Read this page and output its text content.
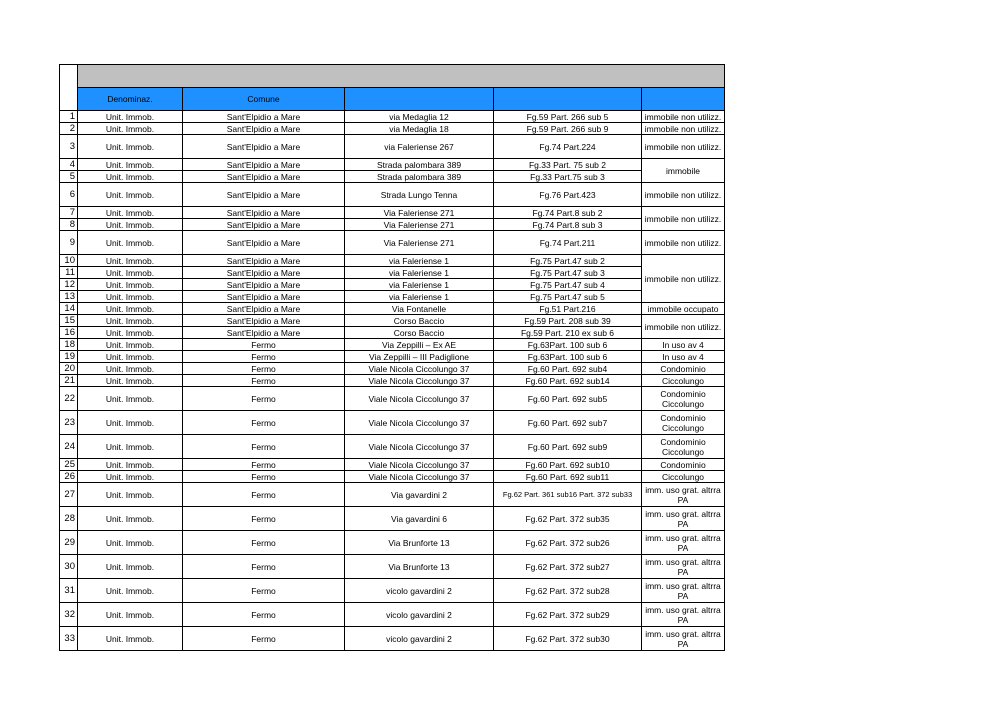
	Denominaz.	Comune			
1	Unit. Immob.	Sant'Elpidio a Mare	via Medaglia 12	Fg.59 Part. 266 sub 5	immobile non utilizz.
2	Unit. Immob.	Sant'Elpidio a Mare	via Medaglia 18	Fg.59 Part. 266 sub 9	immobile non utilizz.
3	Unit. Immob.	Sant'Elpidio a Mare	via Faleriense 267	Fg.74 Part.224	immobile non utilizz.
4	Unit. Immob.	Sant'Elpidio a Mare	Strada palombara 389	Fg.33 Part. 75 sub 2	immobile
5	Unit. Immob.	Sant'Elpidio a Mare	Strada palombara 389	Fg.33 Part.75 sub 3	
6	Unit. Immob.	Sant'Elpidio a Mare	Strada Lungo Tenna	Fg.76 Part.423	immobile non utilizz.
7	Unit. Immob.	Sant'Elpidio a Mare	Via Faleriense 271	Fg.74 Part.8 sub 2	immobile non utilizz.
8	Unit. Immob.	Sant'Elpidio a Mare	Via Faleriense 271	Fg.74 Part.8 sub 3	
9	Unit. Immob.	Sant'Elpidio a Mare	Via Faleriense 271	Fg.74 Part.211	immobile non utilizz.
10	Unit. Immob.	Sant'Elpidio a Mare	via Faleriense 1	Fg.75 Part.47 sub 2	immobile non utilizz.
11	Unit. Immob.	Sant'Elpidio a Mare	via Faleriense 1	Fg.75 Part.47 sub 3	
12	Unit. Immob.	Sant'Elpidio a Mare	via Faleriense 1	Fg.75 Part.47 sub 4	
13	Unit. Immob.	Sant'Elpidio a Mare	via Faleriense 1	Fg.75 Part.47 sub 5	
14	Unit. Immob.	Sant'Elpidio a Mare	Via Fontanelle	Fg.51 Part.216	immobile occupato
15	Unit. Immob.	Sant'Elpidio a Mare	Corso Baccio	Fg.59 Part. 208 sub 39	immobile non utilizz.
16	Unit. Immob.	Sant'Elpidio a Mare	Corso Baccio	Fg.59 Part. 210 ex sub 6	
18	Unit. Immob.	Fermo	Via Zeppilli – Ex AE	Fg.63Part. 100 sub 6	In uso av 4
19	Unit. Immob.	Fermo	Via Zeppilli – III Padiglione	Fg.63Part. 100 sub 6	In uso av 4
20	Unit. Immob.	Fermo	Viale Nicola Ciccolungo 37	Fg.60 Part. 692 sub4	Condominio
21	Unit. Immob.	Fermo	Viale Nicola Ciccolungo 37	Fg.60 Part. 692 sub14	Ciccolungo
22	Unit. Immob.	Fermo	Viale Nicola Ciccolungo 37	Fg.60 Part. 692 sub5	Condominio Ciccolungo
23	Unit. Immob.	Fermo	Viale Nicola Ciccolungo 37	Fg.60 Part. 692 sub7	Condominio Ciccolungo
24	Unit. Immob.	Fermo	Viale Nicola Ciccolungo 37	Fg.60 Part. 692 sub9	Condominio Ciccolungo
25	Unit. Immob.	Fermo	Viale Nicola Ciccolungo 37	Fg.60 Part. 692 sub10	Condominio
26	Unit. Immob.	Fermo	Viale Nicola Ciccolungo 37	Fg.60 Part. 692 sub11	Ciccolungo
27	Unit. Immob.	Fermo	Via gavardini 2	Fg.62 Part. 361 sub16 Part. 372 sub33	imm. uso grat. altrra PA
28	Unit. Immob.	Fermo	Via gavardini 6	Fg.62 Part. 372 sub35	imm. uso grat. altrra PA
29	Unit. Immob.	Fermo	Via Brunforte 13	Fg.62 Part. 372 sub26	imm. uso grat. altrra PA
30	Unit. Immob.	Fermo	Via Brunforte 13	Fg.62 Part. 372 sub27	imm. uso grat. altrra PA
31	Unit. Immob.	Fermo	vicolo gavardini 2	Fg.62 Part. 372 sub28	imm. uso grat. altrra PA
32	Unit. Immob.	Fermo	vicolo gavardini 2	Fg.62 Part. 372 sub29	imm. uso grat. altrra PA
33	Unit. Immob.	Fermo	vicolo gavardini 2	Fg.62 Part. 372 sub30	imm. uso grat. altrra PA
